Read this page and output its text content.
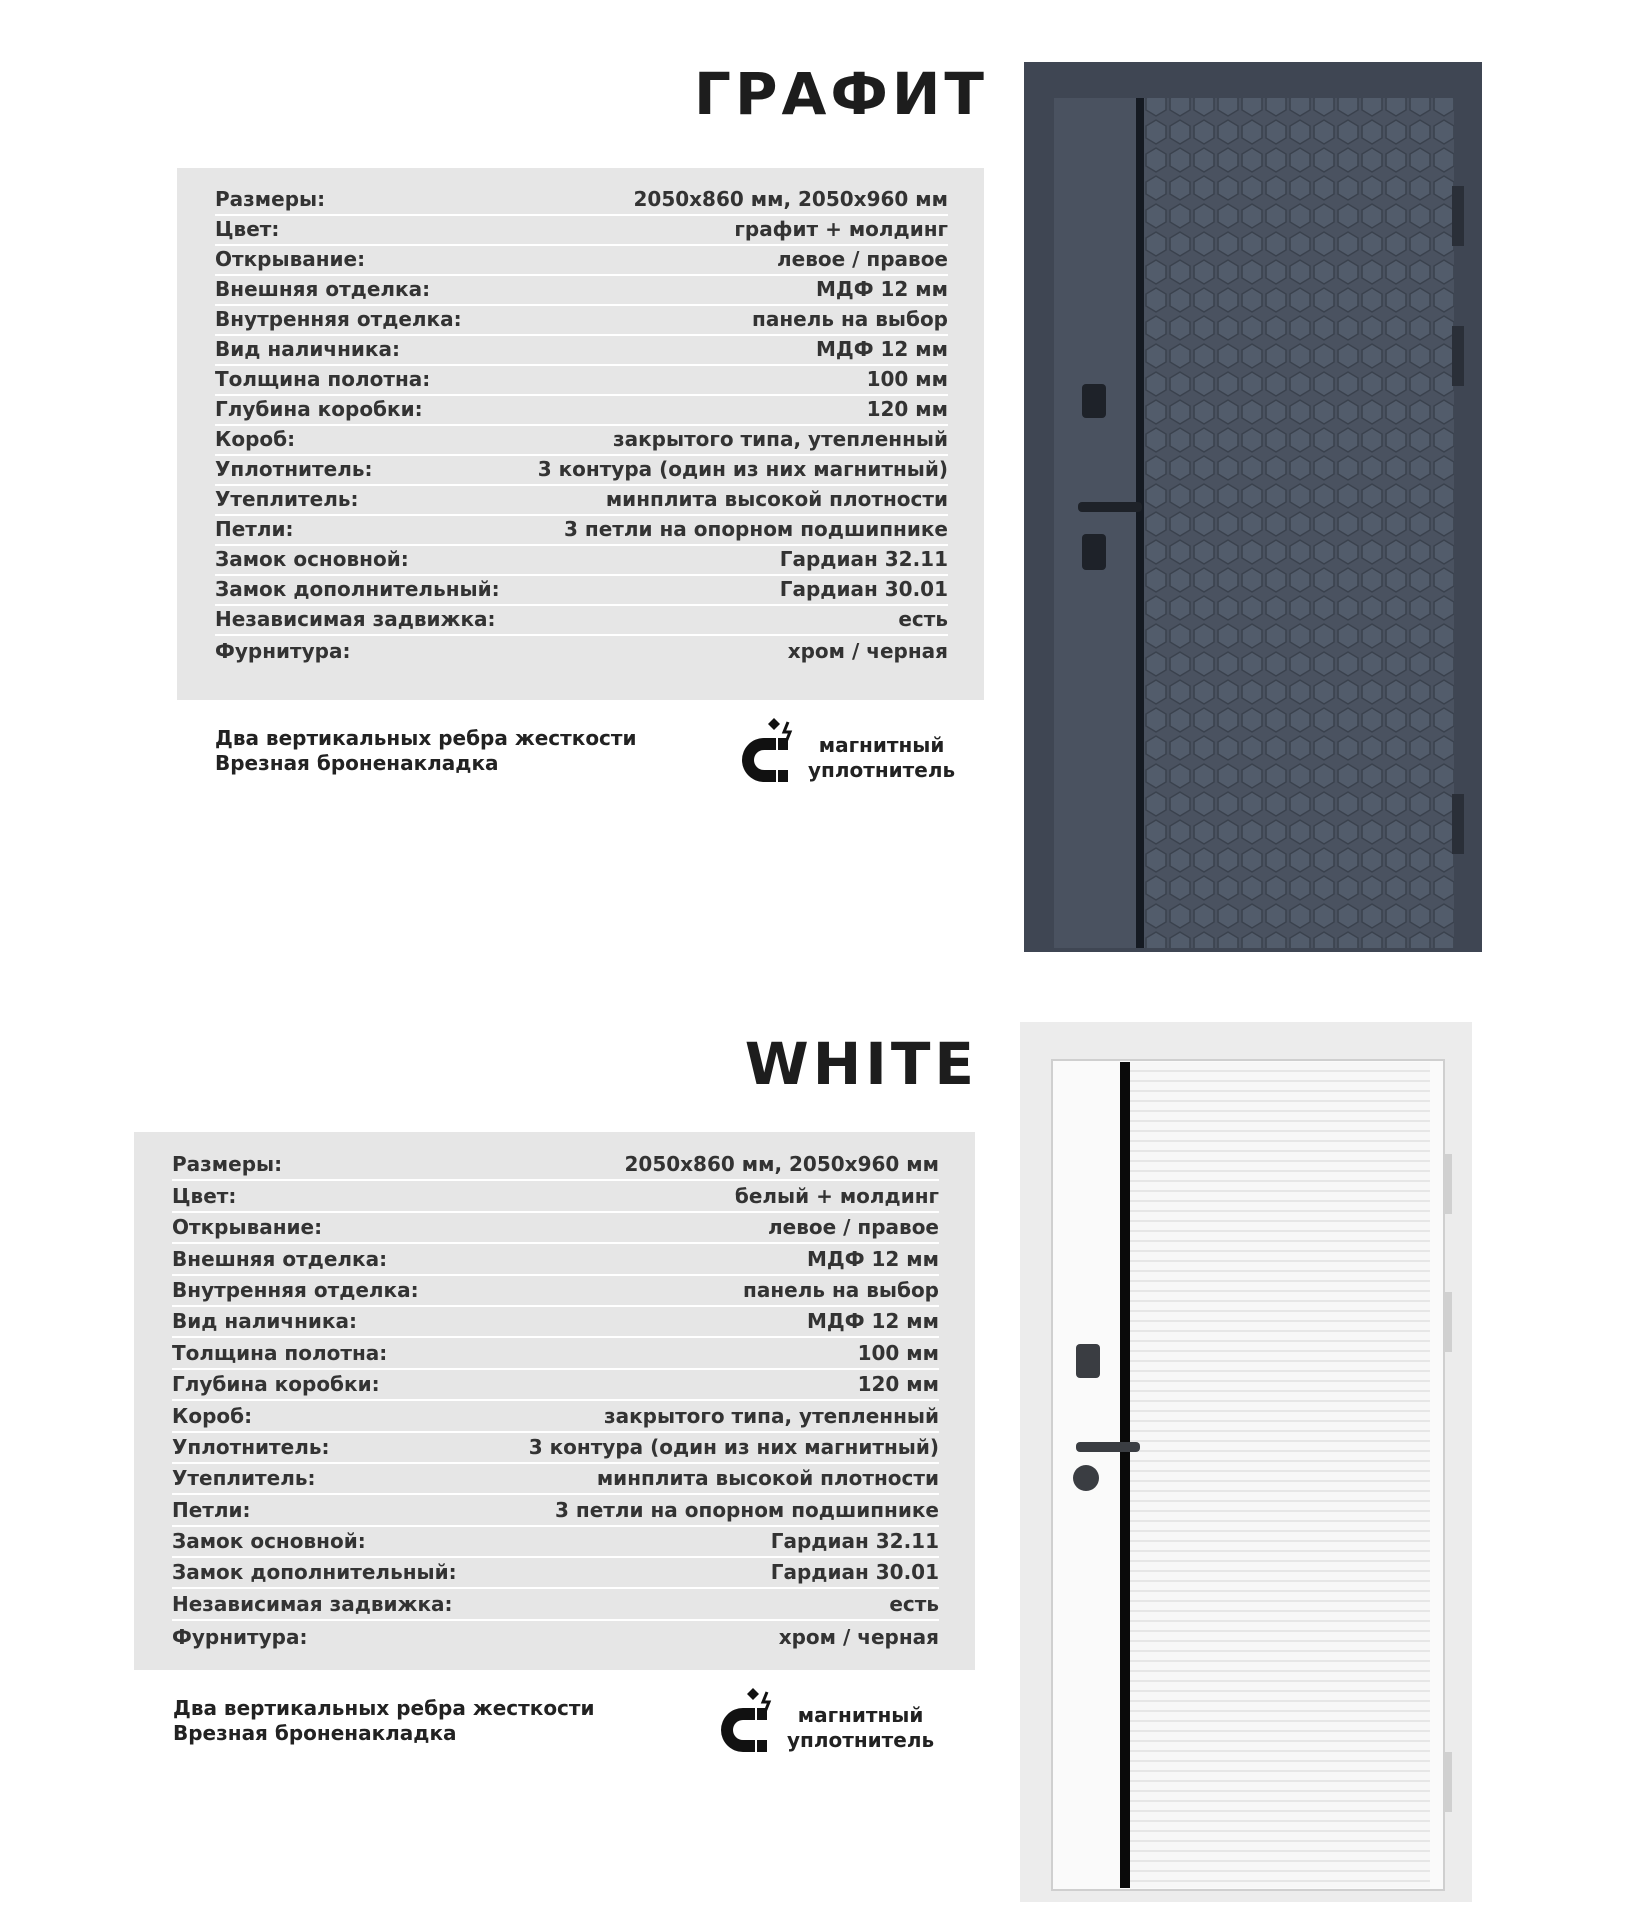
ГРАФИТ
Размеры:	2050х860 мм, 2050х960 мм
Цвет:	графит + молдинг
Открывание:	левое / правое
Внешняя отделка:	МДФ 12 мм
Внутренняя отделка:	панель на выбор
Вид наличника:	МДФ 12 мм
Толщина полотна:	100 мм
Глубина коробки:	120 мм
Короб:	закрытого типа, утепленный
Уплотнитель:	3 контура (один из них магнитный)
Утеплитель:	минплита высокой плотности
Петли:	3 петли на опорном подшипнике
Замок основной:	Гардиан 32.11
Замок дополнительный:	Гардиан 30.01
Независимая задвижка:	есть
Фурнитура:	хром / черная
Два вертикальных ребра жесткости
Врезная броненакладка
магнитный
уплотнитель
WHITE
Размеры:	2050х860 мм, 2050х960 мм
Цвет:	белый + молдинг
Открывание:	левое / правое
Внешняя отделка:	МДФ 12 мм
Внутренняя отделка:	панель на выбор
Вид наличника:	МДФ 12 мм
Толщина полотна:	100 мм
Глубина коробки:	120 мм
Короб:	закрытого типа, утепленный
Уплотнитель:	3 контура (один из них магнитный)
Утеплитель:	минплита высокой плотности
Петли:	3 петли на опорном подшипнике
Замок основной:	Гардиан 32.11
Замок дополнительный:	Гардиан 30.01
Независимая задвижка:	есть
Фурнитура:	хром / черная
Два вертикальных ребра жесткости
Врезная броненакладка
магнитный
уплотнитель
